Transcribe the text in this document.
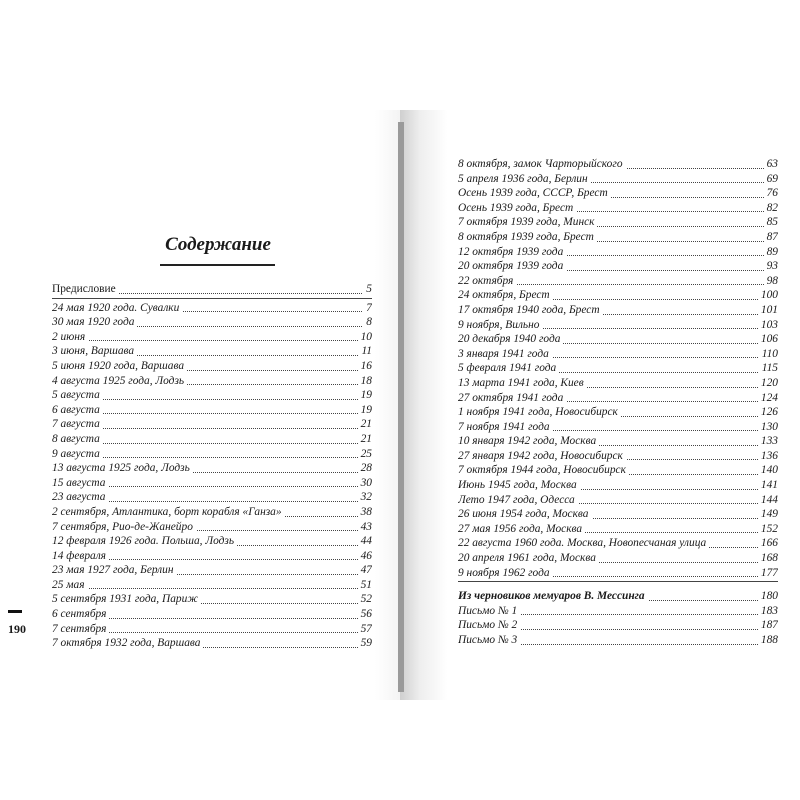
Содержание
190
Предисловие	5
24 мая 1920 года. Сувалки	7
30 мая 1920 года	8
2 июня	10
3 июня, Варшава	11
5 июня 1920 года, Варшава	16
4 августа 1925 года, Лодзь	18
5 августа	19
6 августа	19
7 августа	21
8 августа	21
9 августа	25
13 августа 1925 года, Лодзь	28
15 августа	30
23 августа	32
2 сентября, Атлантика, борт корабля «Ганза»	38
7 сентября, Рио-де-Жанейро	43
12 февраля 1926 года. Польша, Лодзь	44
14 февраля	46
23 мая 1927 года, Берлин	47
25 мая	51
5 сентября 1931 года, Париж	52
6 сентября	56
7 сентября	57
7 октября 1932 года, Варшава	59
8 октября, замок Чарторыйского	63
5 апреля 1936 года, Берлин	69
Осень 1939 года, СССР, Брест	76
Осень 1939 года, Брест	82
7 октября 1939 года, Минск	85
8 октября 1939 года, Брест	87
12 октября 1939 года	89
20 октября 1939 года	93
22 октября	98
24 октября, Брест	100
17 октября 1940 года, Брест	101
9 ноября, Вильно	103
20 декабря 1940 года	106
3 января 1941 года	110
5 февраля 1941 года	115
13 марта 1941 года, Киев	120
27 октября 1941 года	124
1 ноября 1941 года, Новосибирск	126
7 ноября 1941 года	130
10 января 1942 года, Москва	133
27 января 1942 года, Новосибирск	136
7 октября 1944 года, Новосибирск	140
Июнь 1945 года, Москва	141
Лето 1947 года, Одесса	144
26 июня 1954 года, Москва	149
27 мая 1956 года, Москва	152
22 августа 1960 года. Москва, Новопесчаная улица	166
20 апреля 1961 года, Москва	168
9 ноября 1962 года	177
Из черновиков мемуаров В. Мессинга	180
Письмо № 1	183
Письмо № 2	187
Письмо № 3	188
